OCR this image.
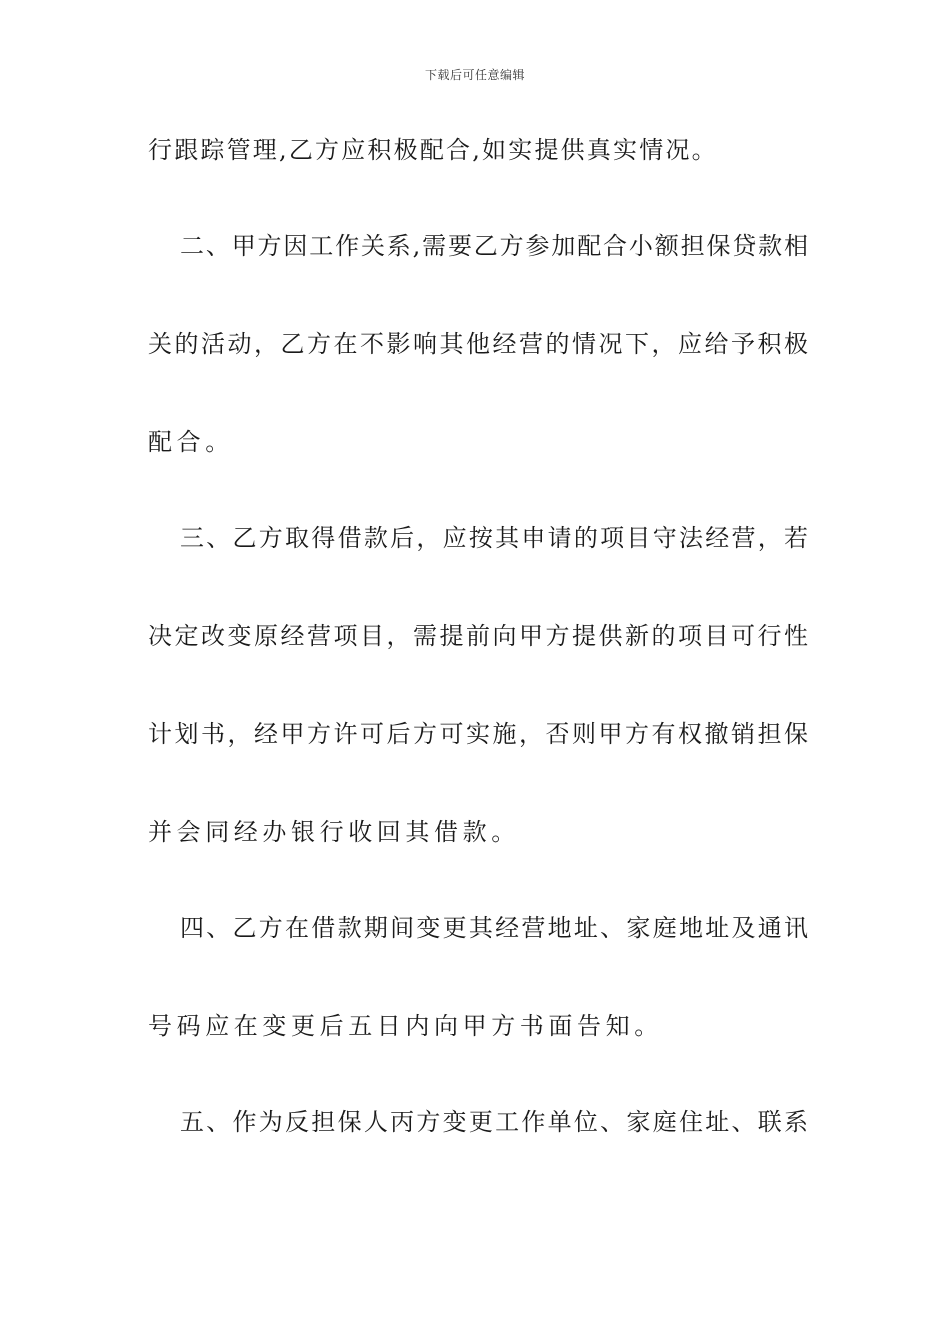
下载后可任意编辑
行跟踪管理,乙方应积极配合,如实提供真实情况。
二、甲方因工作关系,需要乙方参加配合小额担保贷款相
关的活动，乙方在不影响其他经营的情况下，应给予积极
配合。
三、乙方取得借款后，应按其申请的项目守法经营，若
决定改变原经营项目，需提前向甲方提供新的项目可行性
计划书，经甲方许可后方可实施，否则甲方有权撤销担保
并会同经办银行收回其借款。
四、乙方在借款期间变更其经营地址、家庭地址及通讯
号码应在变更后五日内向甲方书面告知。
五、作为反担保人丙方变更工作单位、家庭住址、联系
